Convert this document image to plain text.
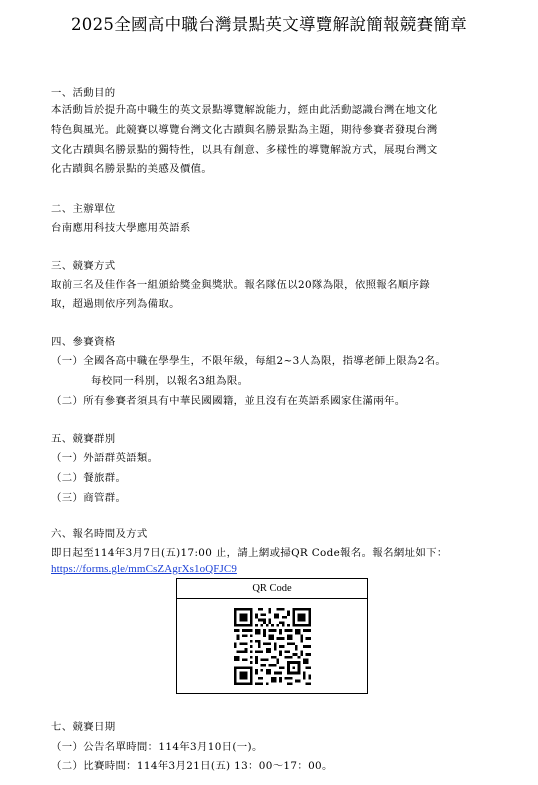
2025全國高中職台灣景點英文導覽解說簡報競賽簡章
一、活動目的
本活動旨於提升高中職生的英文景點導覽解說能力，經由此活動認識台灣在地文化
特色與風光。此競賽以導覽台灣文化古蹟與名勝景點為主題，期待參賽者發現台灣
文化古蹟與名勝景點的獨特性，以具有創意、多樣性的導覽解說方式，展現台灣文
化古蹟與名勝景點的美感及價值。
二、主辦單位
台南應用科技大學應用英語系
三、競賽方式
取前三名及佳作各一組頒給獎金與獎狀。報名隊伍以20隊為限，依照報名順序錄
取，超過則依序列為備取。
四、參賽資格
（一）全國各高中職在學學生，不限年級，每組2~3人為限，指導老師上限為2名。
每校同一科別，以報名3組為限。
（二）所有參賽者須具有中華民國國籍，並且沒有在英語系國家住滿兩年。
五、競賽群別
（一）外語群英語類。
（二）餐旅群。
（三）商管群。
六、報名時間及方式
即日起至114年3月7日(五)17:00 止，請上網或掃QR Code報名。報名網址如下：
https://forms.gle/mmCsZAgrXs1oQFJC9
QR Code
七、競賽日期
（一）公告名單時間：114年3月10日(一)。
（二）比賽時間：114年3月21日(五) 13：00～17：00。
